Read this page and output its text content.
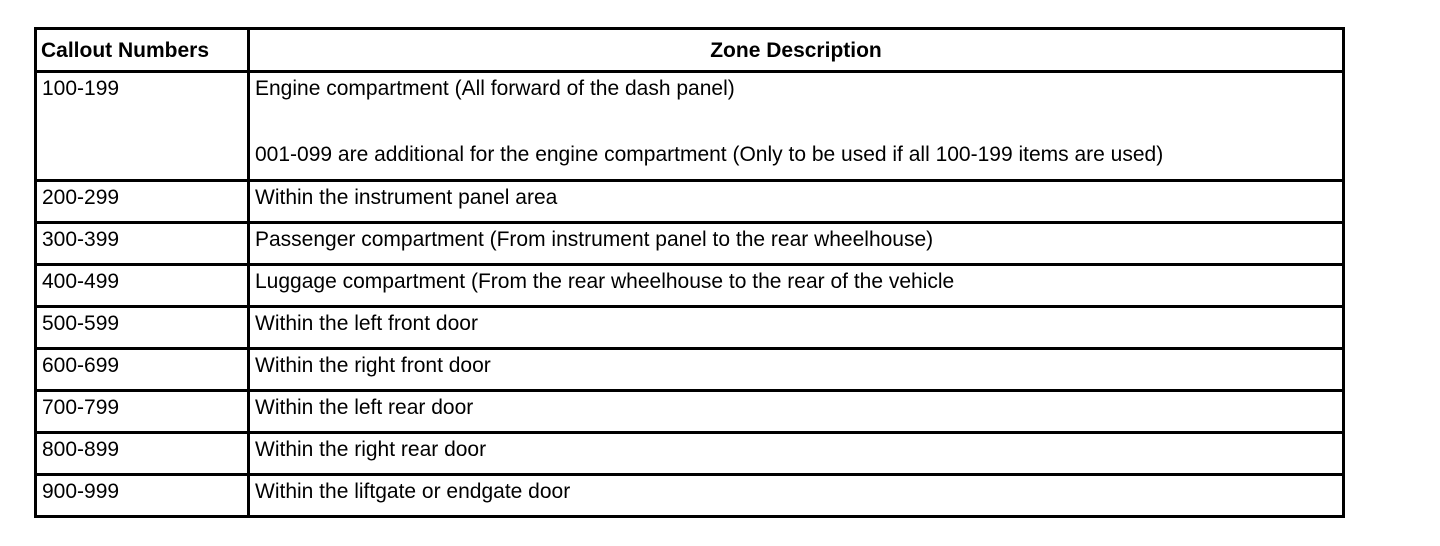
Callout Numbers	Zone Description
100-199	Engine compartment (All forward of the dash panel)
001-099 are additional for the engine compartment (Only to be used if all 100-199 items are used)

200-299	Within the instrument panel area
300-399	Passenger compartment (From instrument panel to the rear wheelhouse)
400-499	Luggage compartment (From the rear wheelhouse to the rear of the vehicle
500-599	Within the left front door
600-699	Within the right front door
700-799	Within the left rear door
800-899	Within the right rear door
900-999	Within the liftgate or endgate door
